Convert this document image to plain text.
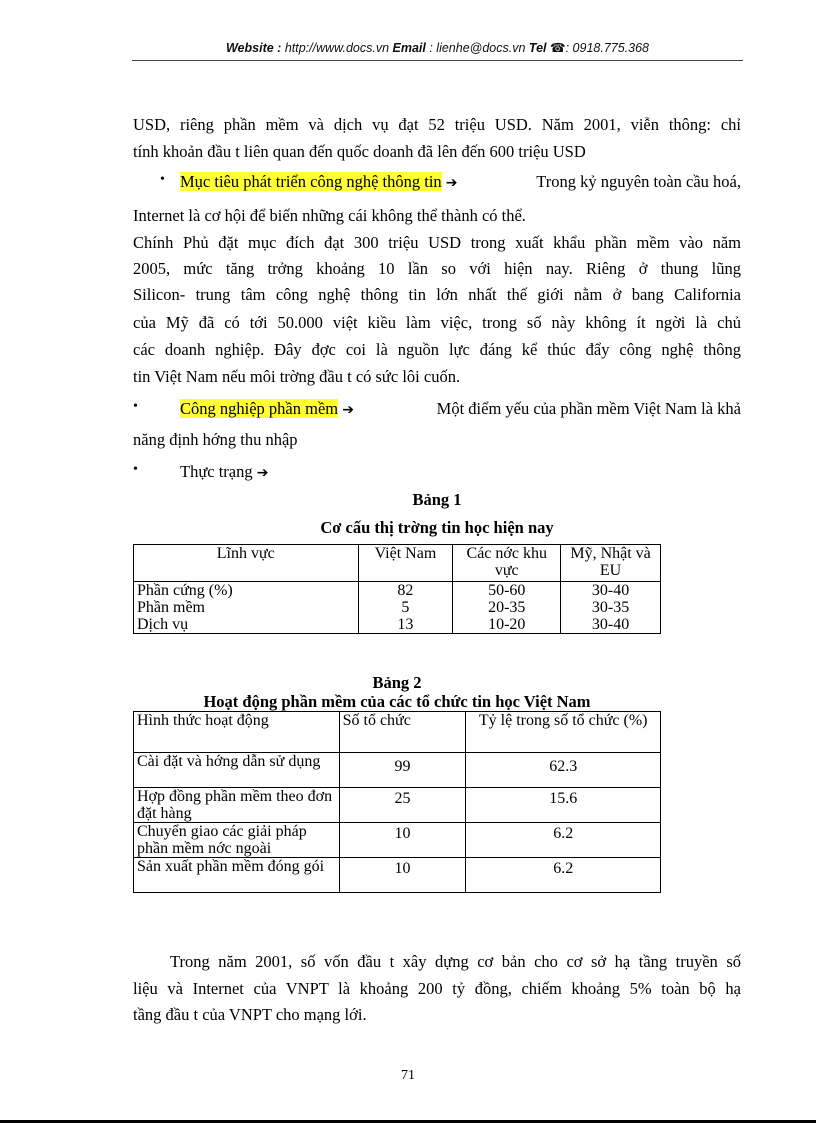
Website : http://www.docs.vn Email : lienhe@docs.vn Tel ☎: 0918.775.368
USD, riêng phần mềm và dịch vụ đạt 52 triệu USD. Năm 2001, viễn thông: chỉ
tính khoản đầu t liên quan đến quốc doanh đã lên đến 600 triệu USD
• Mục tiêu phát triển công nghệ thông tin ➔	Trong kỷ nguyên toàn cầu hoá,
Internet là cơ hội để biến những cái không thể thành có thể.
Chính Phủ đặt mục đích đạt 300 triệu USD trong xuất khẩu phần mềm vào năm
2005, mức tăng trởng khoảng 10 lần so với hiện nay. Riêng ở thung lũng
Silicon- trung tâm công nghệ thông tin lớn nhất thế giới nằm ở bang California
của Mỹ đã có tới 50.000 việt kiều làm việc, trong số này không ít ngời là chủ
các doanh nghiệp. Đây đợc coi là nguồn lực đáng kể thúc đẩy công nghệ thông
tin Việt Nam nếu môi trờng đầu t có sức lôi cuốn.
•	Công nghiệp phần mềm ➔	Một điểm yếu của phần mềm Việt Nam là khả
năng định hớng thu nhập
•	Thực trạng ➔
Bảng 1
Cơ cấu thị trờng tin học hiện nay
Lĩnh vực	Việt Nam	Các nớc khu vực	Mỹ, Nhật và EU
Phần cứng (%)	82	50-60	30-40
Phần mềm	5	20-35	30-35
Dịch vụ	13	10-20	30-40
Bảng 2
Hoạt động phần mềm của các tổ chức tin học Việt Nam
Hình thức hoạt động	Số tổ chức	Tỷ lệ trong số tổ chức (%)
Cài đặt và hớng dẫn sử dụng	99	62.3
Hợp đồng phần mềm theo đơn đặt hàng	25	15.6
Chuyển giao các giải pháp phần mềm nớc ngoài	10	6.2
Sản xuất phần mềm đóng gói	10	6.2
Trong năm 2001, số vốn đầu t xây dựng cơ bản cho cơ sở hạ tầng truyền số
liệu và Internet của VNPT là khoảng 200 tỷ đồng, chiếm khoảng 5% toàn bộ hạ
tầng đầu t của VNPT cho mạng lới.
71
